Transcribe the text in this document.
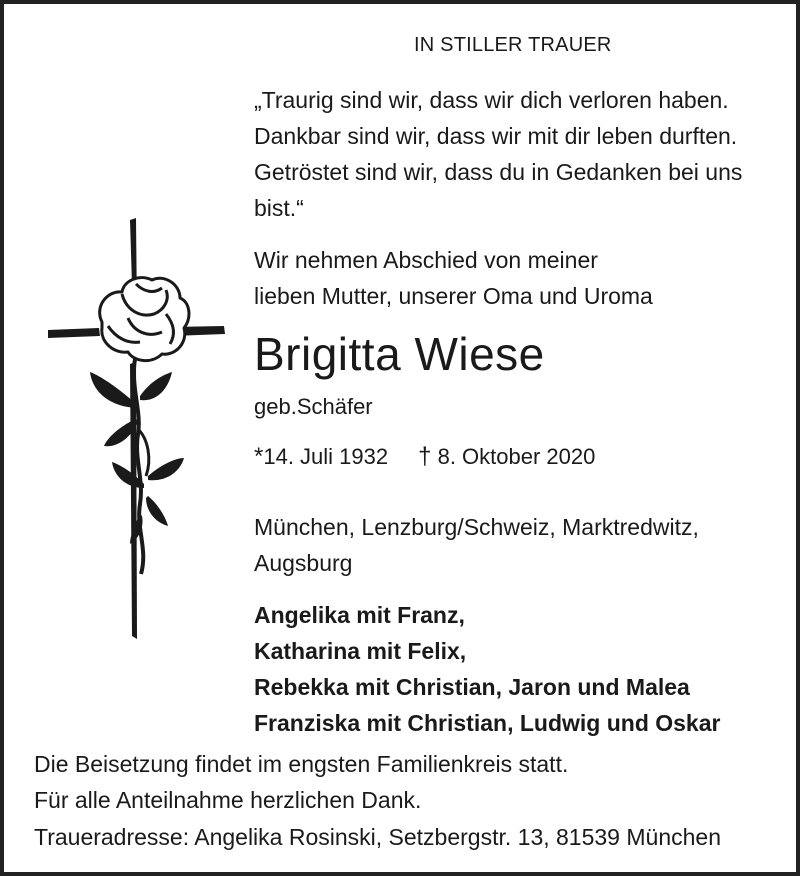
IN STILLER TRAUER
„Traurig sind wir, dass wir dich verloren haben.
Dankbar sind wir, dass wir mit dir leben durften.
Getröstet sind wir, dass du in Gedanken bei uns
bist.“
Wir nehmen Abschied von meiner
lieben Mutter, unserer Oma und Uroma
Brigitta Wiese
geb.Schäfer
*14. Juli 1932 † 8. Oktober 2020
München, Lenzburg/Schweiz, Marktredwitz,
Augsburg
Angelika mit Franz,
Katharina mit Felix,
Rebekka mit Christian, Jaron und Malea
Franziska mit Christian, Ludwig und Oskar
Die Beisetzung findet im engsten Familienkreis statt.
Für alle Anteilnahme herzlichen Dank.
Traueradresse: Angelika Rosinski, Setzbergstr. 13, 81539 München
